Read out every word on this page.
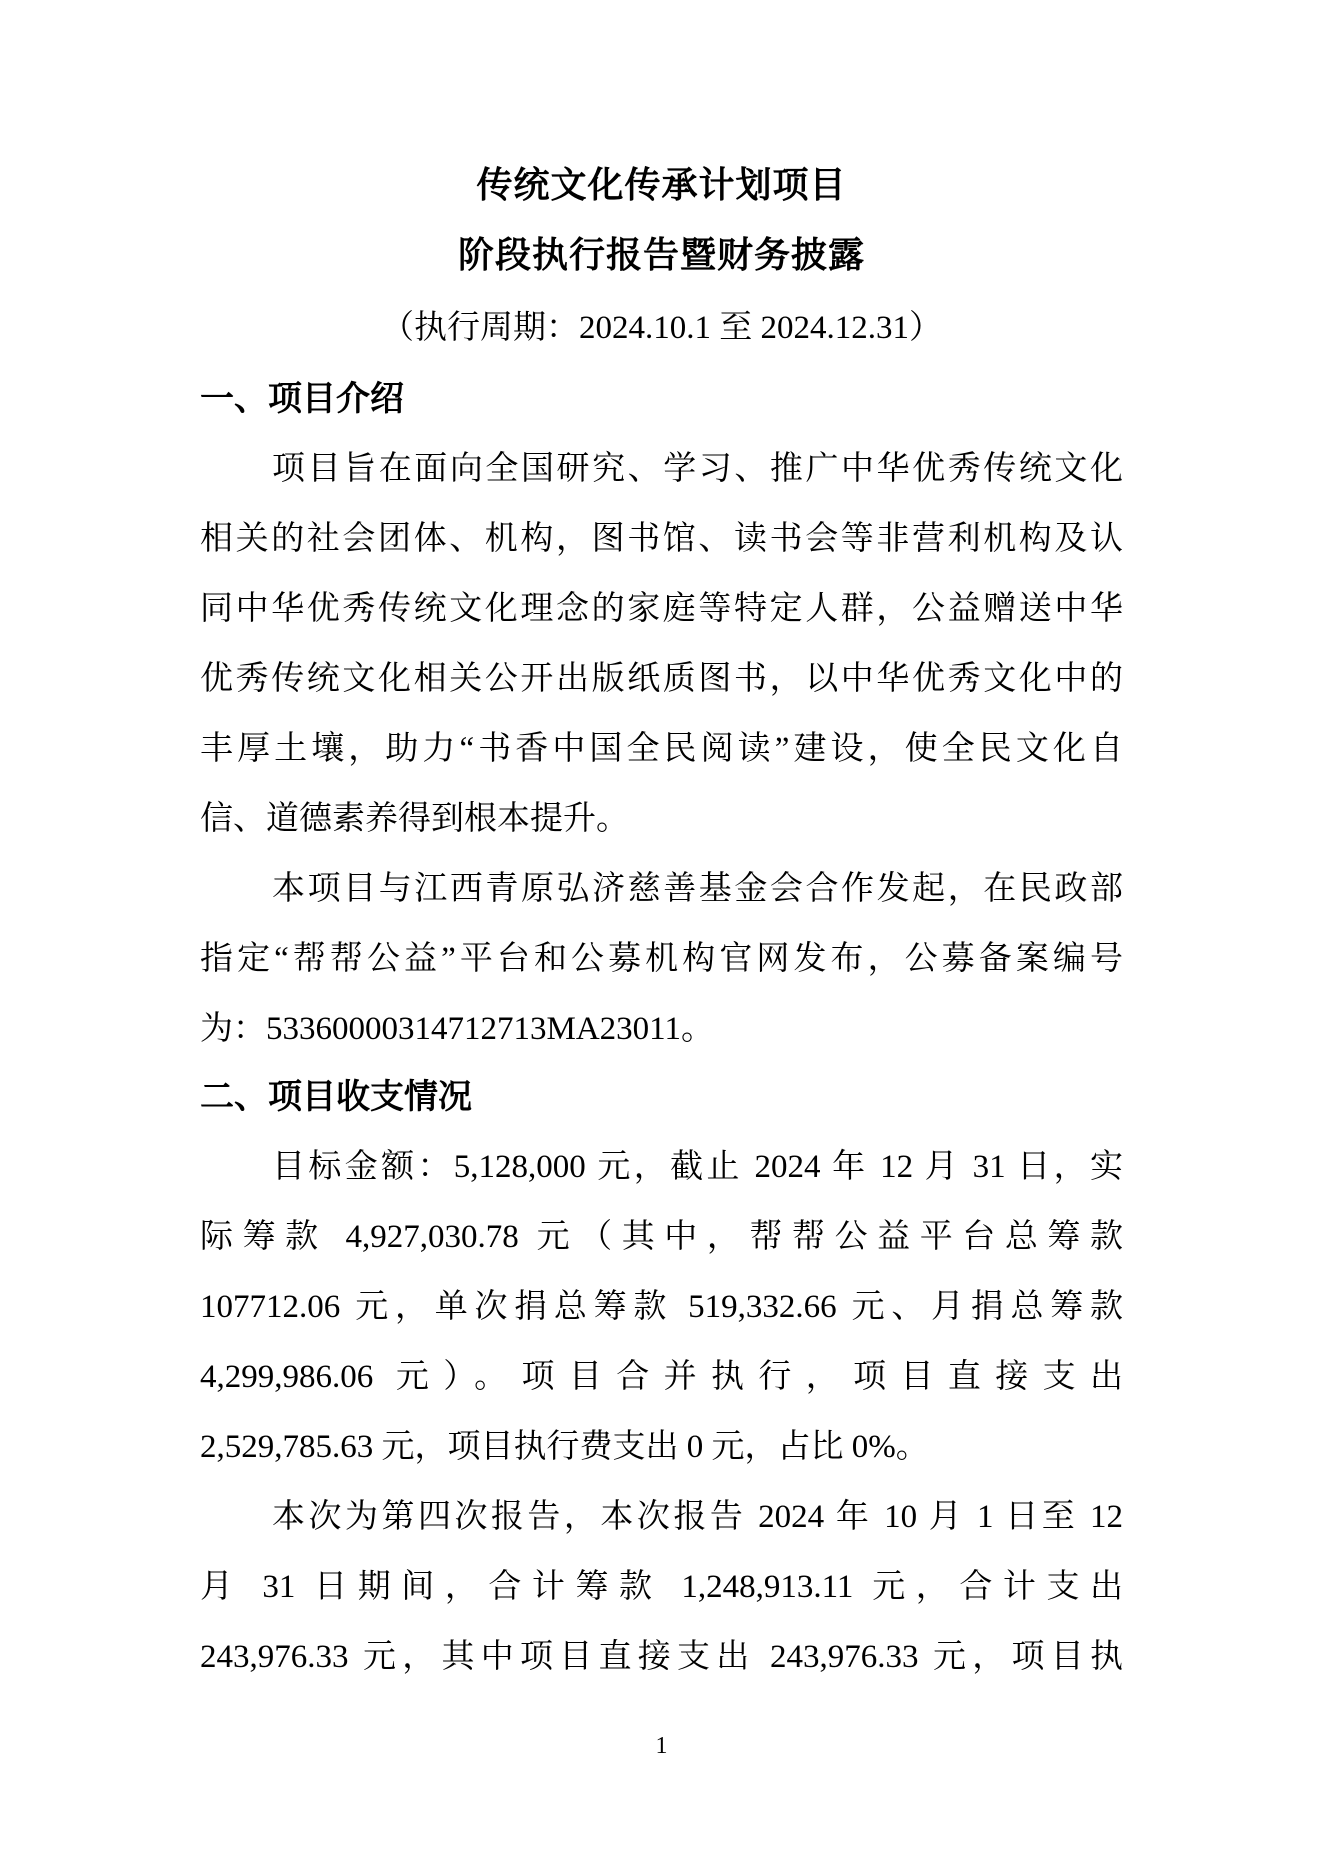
传统文化传承计划项目
阶段执行报告暨财务披露
（执行周期：2024.10.1 至 2024.12.31）
一、项目介绍
项目旨在面向全国研究、学习、推广中华优秀传统文化
相关的社会团体、机构，图书馆、读书会等非营利机构及认
同中华优秀传统文化理念的家庭等特定人群，公益赠送中华
优秀传统文化相关公开出版纸质图书，以中华优秀文化中的
丰厚土壤，助力“书香中国全民阅读”建设，使全民文化自
信、道德素养得到根本提升。
本项目与江西青原弘济慈善基金会合作发起，在民政部
指定“帮帮公益”平台和公募机构官网发布，公募备案编号
为：53360000314712713MA23011。
二、项目收支情况
目标金额：5,128,000 元，截止 2024 年 12 月 31 日，实
际筹款 4,927,030.78 元（其中，帮帮公益平台总筹款
107712.06 元，单次捐总筹款 519,332.66 元、月捐总筹款
4,299,986.06 元）。项目合并执行，项目直接支出
2,529,785.63 元，项目执行费支出 0 元，占比 0%。
本次为第四次报告，本次报告 2024 年 10 月 1 日至 12
月 31 日期间，合计筹款 1,248,913.11 元，合计支出
243,976.33 元，其中项目直接支出 243,976.33 元，项目执
1
